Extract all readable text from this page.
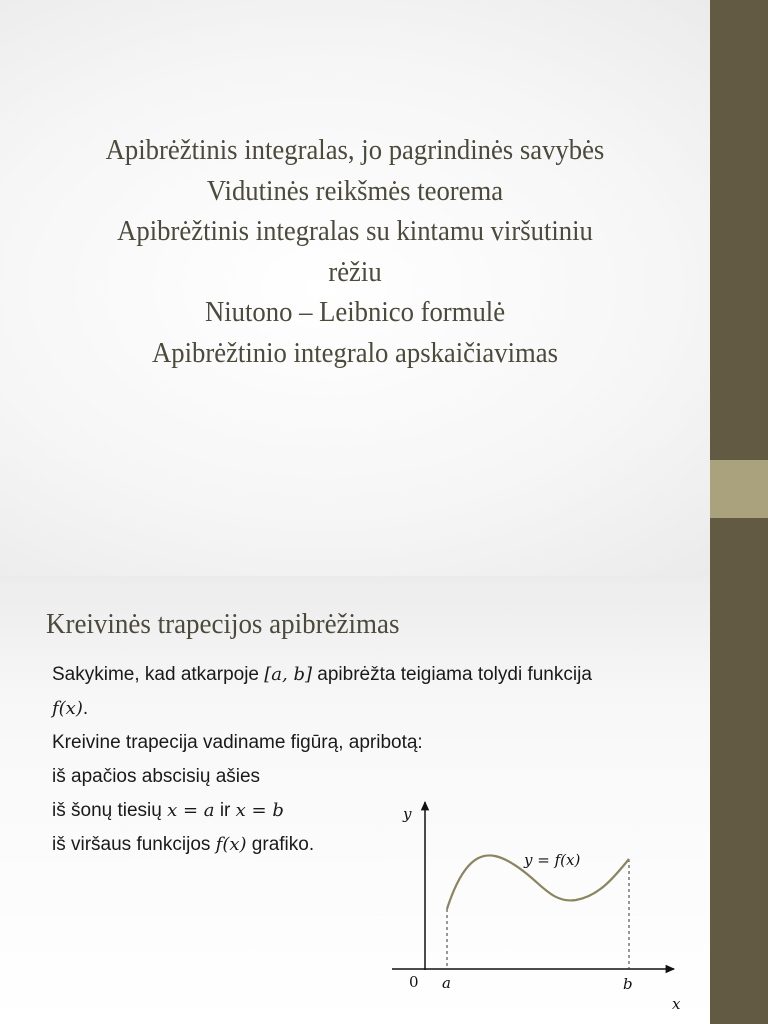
Apibrėžtinis integralas, jo pagrindinės savybės
Vidutinės reikšmės teorema
Apibrėžtinis integralas su kintamu viršutiniu
rėžiu
Niutono – Leibnico formulė
Apibrėžtinio integralo apskaičiavimas
Kreivinės trapecijos apibrėžimas
Sakykime, kad atkarpoje [a, b] apibrėžta teigiama tolydi funkcija
f(x).
Kreivine trapecija vadiname figūrą, apribotą:
iš apačios abscisių ašies
iš šonų tiesių x = a ir x = b
iš viršaus funkcijos f(x) grafiko.
y
x
0 a	b
y = f(x)
